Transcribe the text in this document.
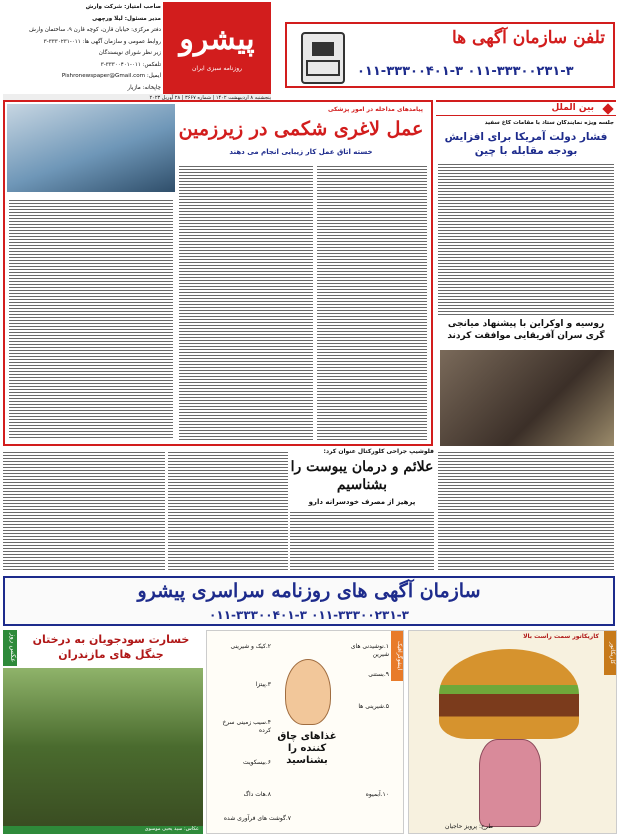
صاحب امتیاز: شرکت وارش
مدیر مسئول: لیلا ورچهی
دفتر مرکزی: خیابان قارن، کوچه قارن ۹، ساختمان وارش
روابط عمومی و سازمان آگهی ها: ۰۱۱-۳۳۳۰۲۳۱-۳
زیر نظر شورای نویسندگان
تلفکس: ۰۱۱-۳۳۳۰۰۴۰۱-۳
ایمیل: Pishronewspaper@Gmail.com
چاپخانه: مازیار
پیشرو
روزنامه سبزی ایران
پنجشنبه ۸ اردیبهشت ۱۴۰۲ | شماره ۳۶۶۷ | ۲۸ آوریل ۲۰۲۳
تلفن سازمان آگهی ها
۰۱۱-۳۳۳۰۰۲۳۱-۳ ۰۱۱-۳۳۳۰۰۴۰۱-۳
بین الملل
جلسه ویژه نمایندگان ستاد با مقامات کاخ سفید
فشار دولت آمریکا برای افزایش بودجه مقابله با چین
روسیه و اوکراین با پیشنهاد میانجی گری سران آفریقایی موافقت کردند
پیامدهای مداخله در امور پزشکی
عمل لاغری شکمی در زیرزمین
خسته اتاق عمل کار زیبایی انجام می دهند
فلوشیپ جراحی کلورکتال عنوان کرد:
علائم و درمان یبوست را بشناسیم
پرهیز از مصرف خودسرانه دارو
سازمان آگهی های روزنامه سراسری پیشرو
۰۱۱-۳۳۳۰۰۲۳۱-۳ ۰۱۱-۳۳۳۰۰۴۰۱-۳
عکس روز	خسارت سودجویان به درختان جنگل های مازندران
عکاس: سید یحیی موسوی
اینفوگرافیک
غذاهای چاق کننده را بشناسید
۱.نوشیدنی های شیرین
۲.کیک و شیرینی
۳.پیتزا
۴.سیب زمینی سرخ کرده
۵.شیرینی ها
۶.بیسکویت
۷.گوشت های فرآوری شده
۸.هات داگ
۹.بستنی
۱۰.آبمیوه
کاریکاتور
کاریکاتور سمت راست بالا
طرح: پرویز حاجیان
